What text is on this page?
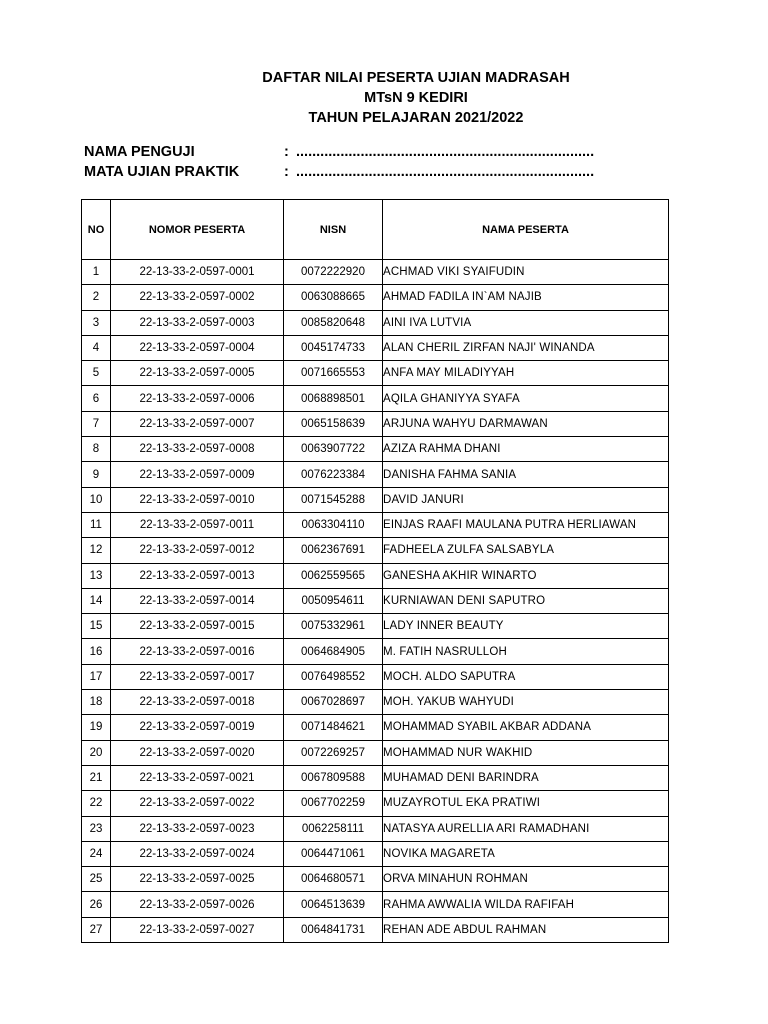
DAFTAR NILAI PESERTA UJIAN MADRASAH
MTsN 9 KEDIRI
TAHUN PELAJARAN 2021/2022
NAMA PENGUJI	: ..........................................................................
MATA UJIAN PRAKTIK	: ..........................................................................
NO	NOMOR PESERTA	NISN	NAMA PESERTA
1	22-13-33-2-0597-0001	0072222920	ACHMAD VIKI SYAIFUDIN
2	22-13-33-2-0597-0002	0063088665	AHMAD FADILA IN`AM NAJIB
3	22-13-33-2-0597-0003	0085820648	AINI IVA LUTVIA
4	22-13-33-2-0597-0004	0045174733	ALAN CHERIL ZIRFAN NAJI' WINANDA
5	22-13-33-2-0597-0005	0071665553	ANFA MAY MILADIYYAH
6	22-13-33-2-0597-0006	0068898501	AQILA GHANIYYA SYAFA
7	22-13-33-2-0597-0007	0065158639	ARJUNA WAHYU DARMAWAN
8	22-13-33-2-0597-0008	0063907722	AZIZA RAHMA DHANI
9	22-13-33-2-0597-0009	0076223384	DANISHA FAHMA SANIA
10	22-13-33-2-0597-0010	0071545288	DAVID JANURI
11	22-13-33-2-0597-0011	0063304110	EINJAS RAAFI MAULANA PUTRA HERLIAWAN
12	22-13-33-2-0597-0012	0062367691	FADHEELA ZULFA SALSABYLA
13	22-13-33-2-0597-0013	0062559565	GANESHA AKHIR WINARTO
14	22-13-33-2-0597-0014	0050954611	KURNIAWAN DENI SAPUTRO
15	22-13-33-2-0597-0015	0075332961	LADY INNER BEAUTY
16	22-13-33-2-0597-0016	0064684905	M. FATIH NASRULLOH
17	22-13-33-2-0597-0017	0076498552	MOCH. ALDO SAPUTRA
18	22-13-33-2-0597-0018	0067028697	MOH. YAKUB WAHYUDI
19	22-13-33-2-0597-0019	0071484621	MOHAMMAD SYABIL AKBAR ADDANA
20	22-13-33-2-0597-0020	0072269257	MOHAMMAD NUR WAKHID
21	22-13-33-2-0597-0021	0067809588	MUHAMAD DENI BARINDRA
22	22-13-33-2-0597-0022	0067702259	MUZAYROTUL EKA PRATIWI
23	22-13-33-2-0597-0023	0062258111	NATASYA AURELLIA ARI RAMADHANI
24	22-13-33-2-0597-0024	0064471061	NOVIKA MAGARETA
25	22-13-33-2-0597-0025	0064680571	ORVA MINAHUN ROHMAN
26	22-13-33-2-0597-0026	0064513639	RAHMA AWWALIA WILDA RAFIFAH
27	22-13-33-2-0597-0027	0064841731	REHAN ADE ABDUL RAHMAN
